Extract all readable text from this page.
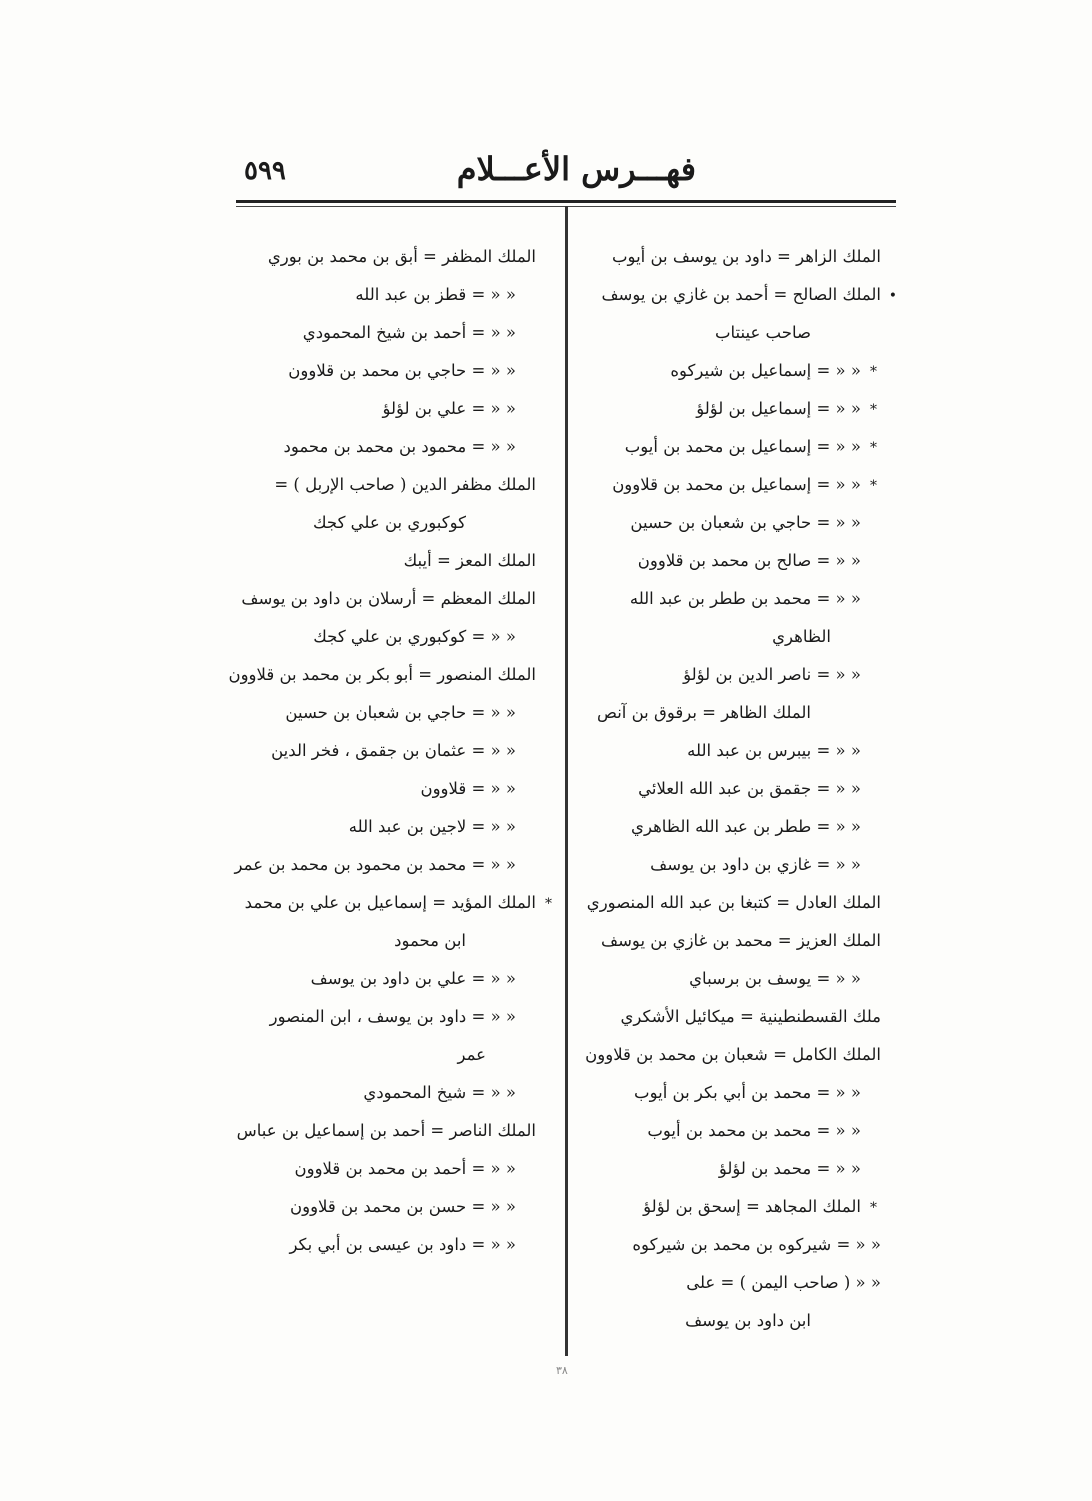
فهـــرس الأعـــلام
٥٩٩
الملك الزاهر = داود بن يوسف بن أيوب
•الملك الصالح = أحمد بن غازي بن يوسف
صاحب عينتاب
*« « = إسماعيل بن شيركوه
*« « = إسماعيل بن لؤلؤ
*« « = إسماعيل بن محمد بن أيوب
*« « = إسماعيل بن محمد بن قلاوون
« « = حاجي بن شعبان بن حسين
« « = صالح بن محمد بن قلاوون
« « = محمد بن ططر بن عبد الله
الظاهري
« « = ناصر الدين بن لؤلؤ
الملك الظاهر = برقوق بن آنص
« « = بيبرس بن عبد الله
« « = جقمق بن عبد الله العلائي
« « = ططر بن عبد الله الظاهري
« « = غازي بن داود بن يوسف
الملك العادل = كتبغا بن عبد الله المنصوري
الملك العزيز = محمد بن غازي بن يوسف
« « = يوسف بن برسباي
ملك القسطنطينية = ميكائيل الأشكري
الملك الكامل = شعبان بن محمد بن قلاوون
« « = محمد بن أبي بكر بن أيوب
« « = محمد بن محمد بن أيوب
« « = محمد بن لؤلؤ
*الملك المجاهد = إسحق بن لؤلؤ
« « = شيركوه بن محمد بن شيركوه
« « ( صاحب اليمن ) = على
ابن داود بن يوسف
الملك المظفر = أبق بن محمد بن بوري
« « = قطز بن عبد الله
« « = أحمد بن شيخ المحمودي
« « = حاجي بن محمد بن قلاوون
« « = علي بن لؤلؤ
« « = محمود بن محمد بن محمود
الملك مظفر الدين ( صاحب الإربل ) =
كوكبوري بن علي كجك
الملك المعز = أيبك
الملك المعظم = أرسلان بن داود بن يوسف
« « = كوكبوري بن علي كجك
الملك المنصور = أبو بكر بن محمد بن قلاوون
« « = حاجي بن شعبان بن حسين
« « = عثمان بن جقمق ، فخر الدين
« « = قلاوون
« « = لاجين بن عبد الله
« « = محمد بن محمود بن محمد بن عمر
*الملك المؤيد = إسماعيل بن علي بن محمد
ابن محمود
« « = علي بن داود بن يوسف
« « = داود بن يوسف ، ابن المنصور
عمر
« « = شيخ المحمودي
الملك الناصر = أحمد بن إسماعيل بن عباس
« « = أحمد بن محمد بن قلاوون
« « = حسن بن محمد بن قلاوون
« « = داود بن عيسى بن أبي بكر
٣٨
